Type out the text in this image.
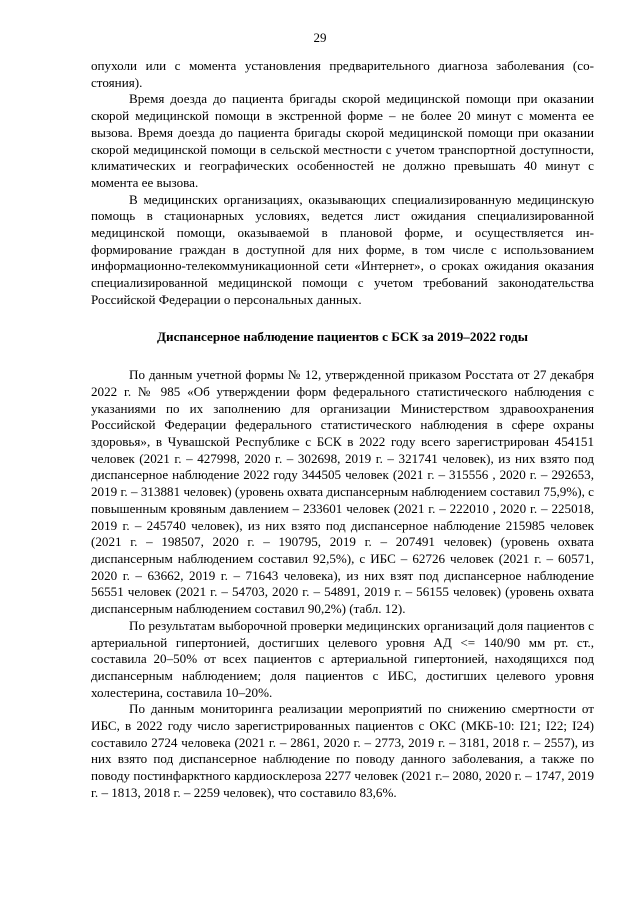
29

опухоли или с момента установления предварительного диагноза заболевания (состояния).

Время доезда до пациента бригады скорой медицинской помощи при оказании скорой медицинской помощи в экстренной форме – не более 20 минут с момента ее вызова. Время доезда до пациента бригады скорой медицинской помощи при оказании скорой медицинской помощи в сельской местности с учетом транспортной доступности, климатических и географических особенностей не должно превышать 40 минут с момента ее вызова.

В медицинских организациях, оказывающих специализированную медицинскую помощь в стационарных условиях, ведется лист ожидания специализированной медицинской помощи, оказываемой в плановой форме, и осуществляется информирование граждан в доступной для них форме, в том числе с использованием информационно-телекоммуникационной сети «Интернет», о сроках ожидания оказания специализированной медицинской помощи с учетом требований законодательства Российской Федерации о персональных данных.

Диспансерное наблюдение пациентов с БСК за 2019–2022 годы

По данным учетной формы № 12, утвержденной приказом Росстата от 27 декабря 2022 г. № 985 «Об утверждении форм федерального статистического наблюдения с указаниями по их заполнению для организации Министерством здравоохранения Российской Федерации федерального статистического наблюдения в сфере охраны здоровья», в Чувашской Республике с БСК в 2022 году всего зарегистрирован 454151 человек (2021 г. – 427998, 2020 г. – 302698, 2019 г. – 321741 человек), из них взято под диспансерное наблюдение 2022 году 344505 человек (2021 г. – 315556 , 2020 г. – 292653, 2019 г. – 313881 человек) (уровень охвата диспансерным наблюдением составил 75,9%), с повышенным кровяным давлением – 233601 человек (2021 г. – 222010 , 2020 г. – 225018, 2019 г. – 245740 человек), из них взято под диспансерное наблюдение 215985 человек (2021 г. – 198507, 2020 г. – 190795, 2019 г. – 207491 человек) (уровень охвата диспансерным наблюдением составил 92,5%), с ИБС – 62726 человек (2021 г. – 60571, 2020 г. – 63662, 2019 г. – 71643 человека), из них взят под диспансерное наблюдение 56551 человек (2021 г. – 54703, 2020 г. – 54891, 2019 г. – 56155 человек) (уровень охвата диспансерным наблюдением составил 90,2%) (табл. 12).

По результатам выборочной проверки медицинских организаций доля пациентов с артериальной гипертонией, достигших целевого уровня АД <= 140/90 мм рт. ст., составила 20–50% от всех пациентов с артериальной гипертонией, находящихся под диспансерным наблюдением; доля пациентов с ИБС, достигших целевого уровня холестерина, составила 10–20%.

По данным мониторинга реализации мероприятий по снижению смертности от ИБС, в 2022 году число зарегистрированных пациентов с ОКС (МКБ-10: I21; I22; I24) составило 2724 человека (2021 г. – 2861, 2020 г. – 2773, 2019 г. – 3181, 2018 г. – 2557), из них взято под диспансерное наблюдение по поводу данного заболевания, а также по поводу постинфарктного кардиосклероза 2277 человек (2021 г.– 2080, 2020 г. – 1747, 2019 г. – 1813, 2018 г. – 2259 человек), что составило 83,6%.
